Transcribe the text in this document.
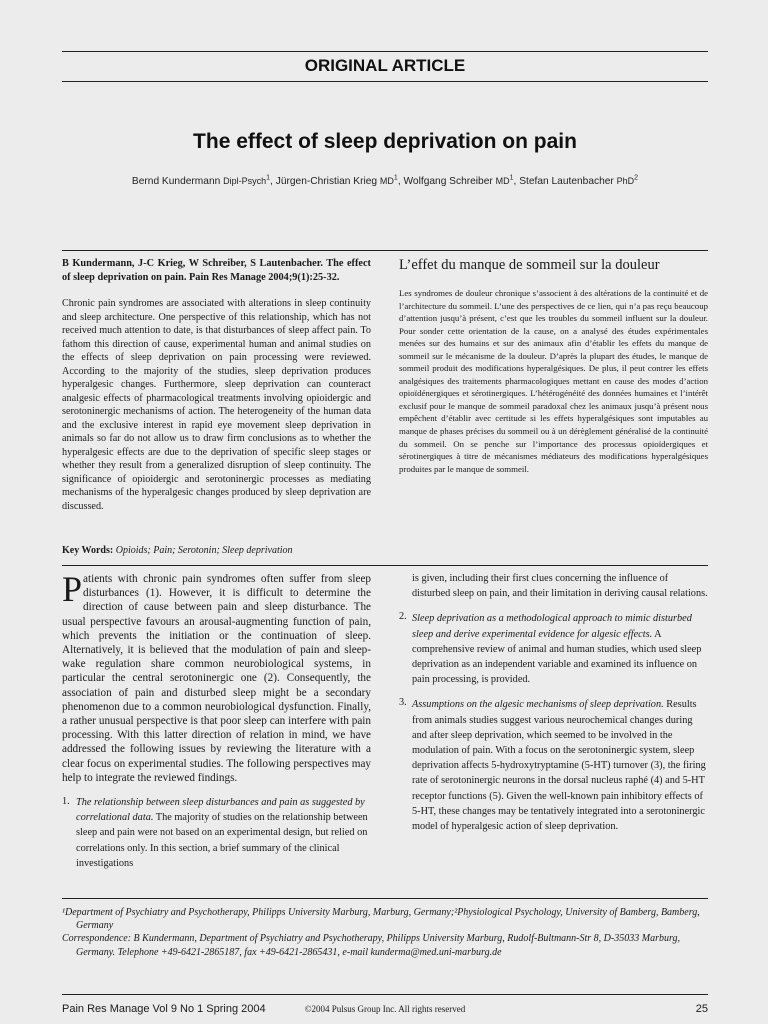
ORIGINAL ARTICLE
The effect of sleep deprivation on pain
Bernd Kundermann Dipl-Psych$^1$, Jürgen-Christian Krieg $MD^1$, Wolfgang Schreiber $MD^1$, Stefan Lautenbacher PhD$^2$
B Kundermann, J-C Krieg, W Schreiber, S Lautenbacher. The effect of sleep deprivation on pain. Pain Res Manage 2004;9(1):25-32.
Chronic pain syndromes are associated with alterations in sleep continuity and sleep architecture. One perspective of this relationship, which has not received much attention to date, is that disturbances of sleep affect pain. To fathom this direction of cause, experimental human and animal studies on the effects of sleep deprivation on pain processing were reviewed. According to the majority of the studies, sleep deprivation produces hyperalgesic changes. Furthermore, sleep deprivation can counteract analgesic effects of pharmacological treatments involving opioidergic and serotoninergic mechanisms of action. The heterogeneity of the human data and the exclusive interest in rapid eye movement sleep deprivation in animals so far do not allow us to draw firm conclusions as to whether the hyperalgesic effects are due to the deprivation of specific sleep stages or whether they result from a generalized disruption of sleep continuity. The significance of opioidergic and serotoninergic processes as mediating mechanisms of the hyperalgesic changes produced by sleep deprivation are discussed.
L’effet du manque de sommeil sur la douleur
Les syndromes de douleur chronique s’associent à des altérations de la continuité et de l’architecture du sommeil. L’une des perspectives de ce lien, qui n’a pas reçu beaucoup d’attention jusqu’à présent, c’est que les troubles du sommeil influent sur la douleur. Pour sonder cette orientation de la cause, on a analysé des études expérimentales menées sur des humains et sur des animaux afin d’établir les effets du manque de sommeil sur le mécanisme de la douleur. D’après la plupart des études, le manque de sommeil produit des modifications hyperalgésiques. De plus, il peut contrer les effets analgésiques des traitements pharmacologiques mettant en cause des modes d’action opioïdénergiques et sérotinergiques. L’hétérogénéité des données humaines et l’intérêt exclusif pour le manque de sommeil paradoxal chez les animaux jusqu’à présent nous empêchent d’établir avec certitude si les effets hyperalgésiques sont imputables au manque de phases précises du sommeil ou à un dérèglement généralisé de la continuité du sommeil. On se penche sur l’importance des processus opioïdergiques et sérotinergiques à titre de mécanismes médiateurs des modifications hyperalgésiques produites par le manque de sommeil.
Key Words: Opioids; Pain; Serotonin; Sleep deprivation
Patients with chronic pain syndromes often suffer from sleep disturbances (1). However, it is difficult to determine the direction of cause between pain and sleep disturbance. The usual perspective favours an arousal-augmenting function of pain, which prevents the initiation or the continuation of sleep. Alternatively, it is believed that the modulation of pain and sleep-wake regulation share common neurobiological systems, in particular the central serotoninergic one (2). Consequently, the association of pain and disturbed sleep might be a secondary phenomenon due to a common neurobiological dysfunction. Finally, a rather unusual perspective is that poor sleep can interfere with pain processing. With this latter direction of relation in mind, we have addressed the following issues by reviewing the literature with a clear focus on experimental studies. The following perspectives may help to integrate the reviewed findings.
1. The relationship between sleep disturbances and pain as suggested by correlational data. The majority of studies on the relationship between sleep and pain were not based on an experimental design, but relied on correlations only. In this section, a brief summary of the clinical investigations
is given, including their first clues concerning the influence of disturbed sleep on pain, and their limitation in deriving causal relations.
2. Sleep deprivation as a methodological approach to mimic disturbed sleep and derive experimental evidence for algesic effects. A comprehensive review of animal and human studies, which used sleep deprivation as an independent variable and examined its influence on pain processing, is provided.
3. Assumptions on the algesic mechanisms of sleep deprivation. Results from animals studies suggest various neurochemical changes during and after sleep deprivation, which seemed to be involved in the modulation of pain. With a focus on the serotoninergic system, sleep deprivation affects 5-hydroxytryptamine (5-HT) turnover (3), the firing rate of serotoninergic neurons in the dorsal nucleus raphé (4) and 5-HT receptor functions (5). Given the well-known pain inhibitory effects of 5-HT, these changes may be tentatively integrated into a serotoninergic model of hyperalgesic action of sleep deprivation.
¹Department of Psychiatry and Psychotherapy, Philipps University Marburg, Marburg, Germany;²Physiological Psychology, University of Bamberg, Bamberg, Germany
Correspondence: B Kundermann, Department of Psychiatry and Psychotherapy, Philipps University Marburg, Rudolf-Bultmann-Str 8, D-35033 Marburg, Germany. Telephone +49-6421-2865187, fax +49-6421-2865431, e-mail kunderma@med.uni-marburg.de
Pain Res Manage Vol 9 No 1 Spring 2004	©2004 Pulsus Group Inc. All rights reserved	25
